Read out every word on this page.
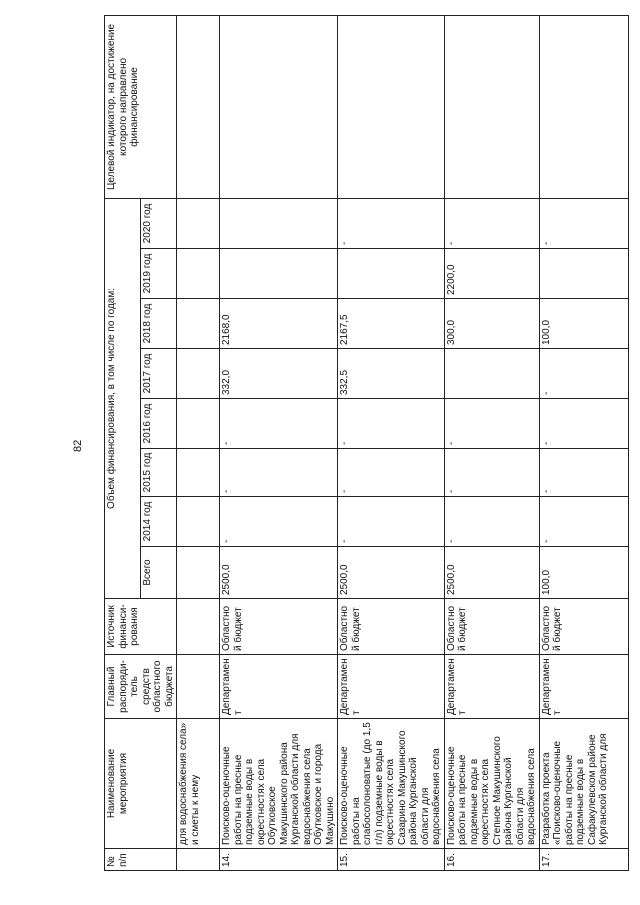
82
№ п/п	Наименование мероприятия	Главный распоряди-тель средств областного бюджета	Источник финанси-рования	Объем финансирования, в том числе по годам:								Целевой индикатор, на достижение которого направлено финансирование
				Всего	2014 год	2015 год	2016 год	2017 год	2018 год	2019 год	2020 год	
	для водоснабжения села» и сметы к нему											
14.	Поисково-оценочные работы на пресные подземные воды в окрестностях села Обутковское Макушинского района Курганской области для водоснабжения села Обутковское и города Макушино	Департамент	Областной бюджет	2500,0	-	-	-	332,0	2168,0			
15.	Поисково-оценочные работы на слабосолоноватые (до 1,5 г/л) подземные воды в окрестностях села Сазарино Макушинского района Курганской области для водоснабжения села	Департамент	Областной бюджет	2500,0	-	-	-	332,5	2167,5		-	
16.	Поисково-оценочные работы на пресные подземные воды в окрестностях села Степное Макушинского района Курганской области для водоснабжения села	Департамент	Областной бюджет	2500,0	-	-	-		300,0	2200,0	-	
17.	Разработка проекта «Поисково-оценочные работы на пресные подземные воды в Сафакулевском районе Курганской области для	Департамент	Областной бюджет	100,0	-	-	-	-	100,0		-	
